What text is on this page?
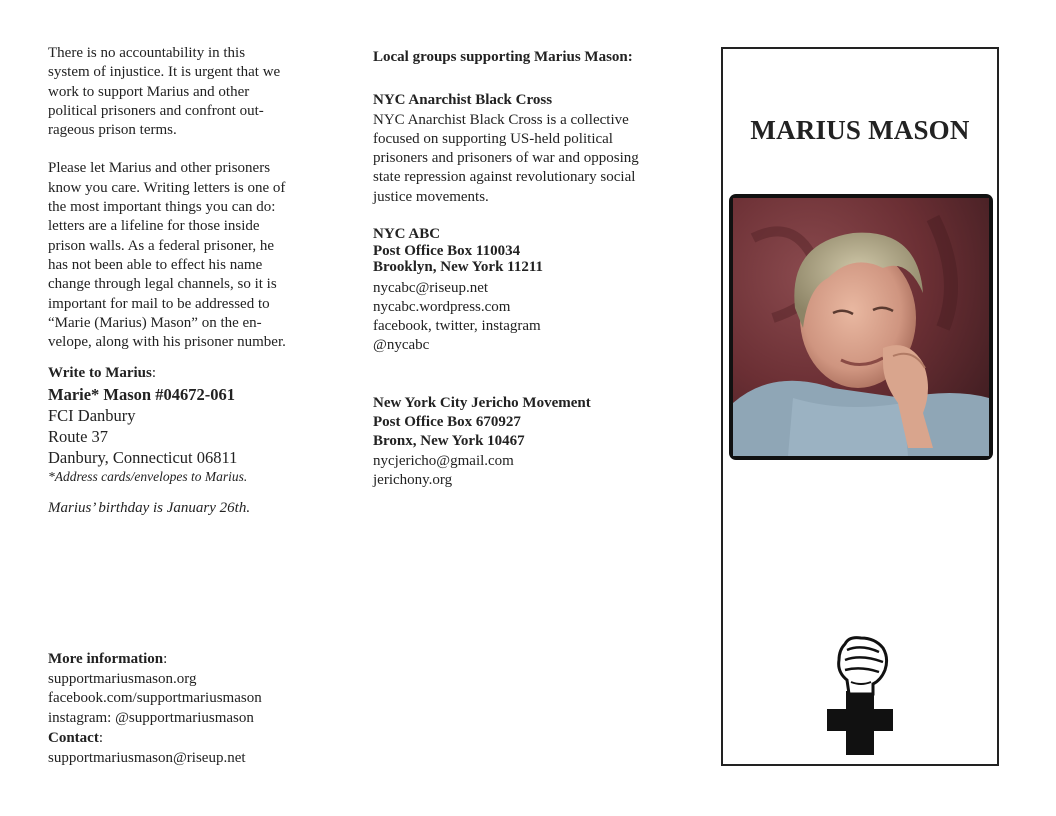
There is no accountability in this
system of injustice. It is urgent that we
work to support Marius and other
political prisoners and confront out-
rageous prison terms.

Please let Marius and other prisoners
know you care. Writing letters is one of
the most important things you can do:
letters are a lifeline for those inside
prison walls. As a federal prisoner, he
has not been able to effect his name
change through legal channels, so it is
important for mail to be addressed to
“Marie (Marius) Mason” on the en-
velope, along with his prisoner number.

Write to Marius:

Marie* Mason #04672-061
FCI Danbury
Route 37
Danbury, Connecticut 06811
*Address cards/envelopes to Marius.

Marius’ birthday is January 26th.

More information:
supportmariusmason.org
facebook.com/supportmariusmason
instagram: @supportmariusmason
Contact:
supportmariusmason@riseup.net

Local groups supporting Marius Mason:

NYC Anarchist Black Cross

NYC Anarchist Black Cross is a collective
focused on supporting US-held political
prisoners and prisoners of war and opposing
state repression against revolutionary social
justice movements.

NYC ABC
Post Office Box 110034
Brooklyn, New York 11211
nycabc@riseup.net
nycabc.wordpress.com
facebook, twitter, instagram
@nycabc
New York City Jericho Movement
Post Office Box 670927
Bronx, New York 10467
nycjericho@gmail.com
jerichony.org
MARIUS MASON
